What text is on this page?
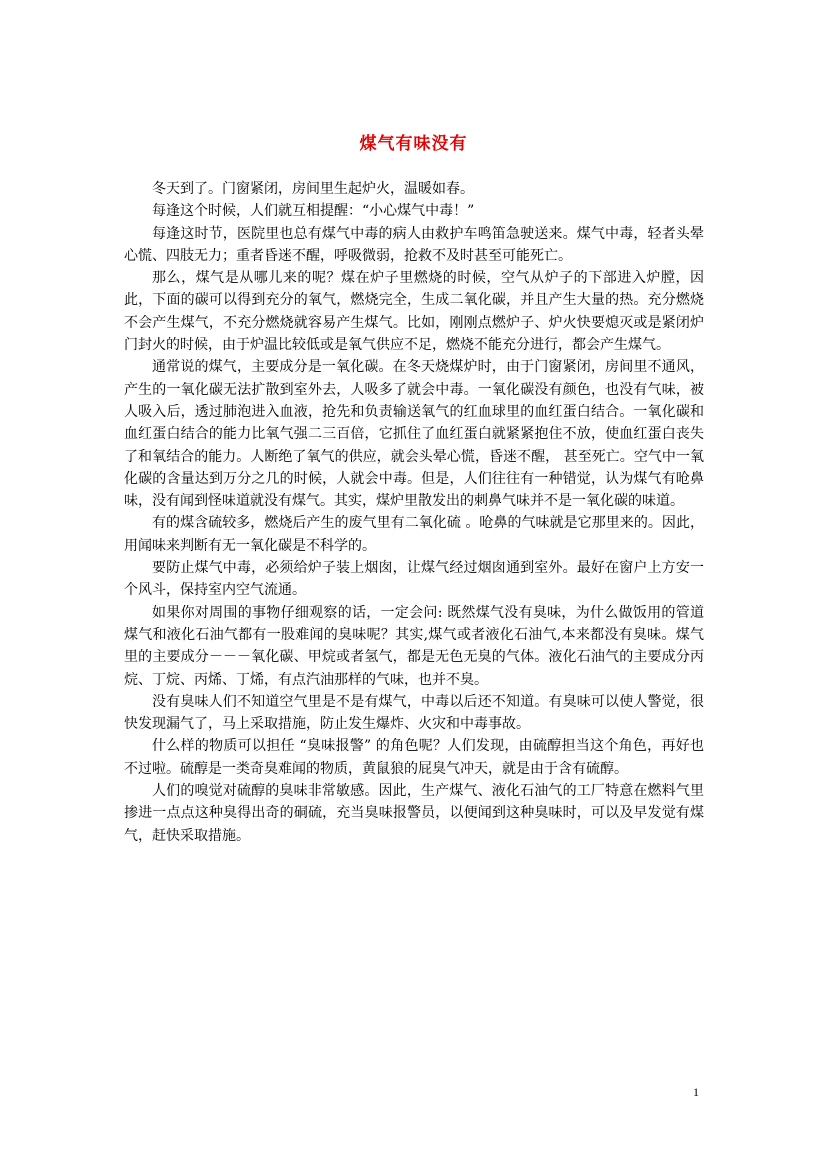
煤气有味没有

冬天到了。门窗紧闭，房间里生起炉火，温暖如春。

每逢这个时候，人们就互相提醒：“小心煤气中毒！”

每逢这时节，医院里也总有煤气中毒的病人由救护车鸣笛急驶送来。煤气中毒，轻者头晕心慌、四肢无力；重者昏迷不醒，呼吸微弱，抢救不及时甚至可能死亡。

那么，煤气是从哪儿来的呢？煤在炉子里燃烧的时候，空气从炉子的下部进入炉膛，因此，下面的碳可以得到充分的氧气，燃烧完全，生成二氧化碳，并且产生大量的热。充分燃烧不会产生煤气，不充分燃烧就容易产生煤气。比如，刚刚点燃炉子、炉火快要熄灭或是紧闭炉门封火的时候，由于炉温比较低或是氧气供应不足，燃烧不能充分进行，都会产生煤气。

通常说的煤气，主要成分是一氧化碳。在冬天烧煤炉时，由于门窗紧闭，房间里不通风，产生的一氧化碳无法扩散到室外去，人吸多了就会中毒。一氧化碳没有颜色，也没有气味，被人吸入后，透过肺泡进入血液，抢先和负责输送氧气的红血球里的血红蛋白结合。一氧化碳和血红蛋白结合的能力比氧气强二三百倍，它抓住了血红蛋白就紧紧抱住不放，使血红蛋白丧失了和氧结合的能力。人断绝了氧气的供应，就会头晕心慌，昏迷不醒， 甚至死亡。空气中一氧化碳的含量达到万分之几的时候，人就会中毒。但是，人们往往有一种错觉，认为煤气有呛鼻味，没有闻到怪味道就没有煤气。其实，煤炉里散发出的刺鼻气味并不是一氧化碳的味道。

有的煤含硫较多，燃烧后产生的废气里有二氧化硫 。呛鼻的气味就是它那里来的。因此，用闻味来判断有无一氧化碳是不科学的。

要防止煤气中毒，必须给炉子装上烟囱，让煤气经过烟囱通到室外。最好在窗户上方安一个风斗，保持室内空气流通。

如果你对周围的事物仔细观察的话，一定会问: 既然煤气没有臭味，为什么做饭用的管道煤气和液化石油气都有一股难闻的臭味呢？其实,煤气或者液化石油气,本来都没有臭味。煤气里的主要成分－－－氧化碳、甲烷或者氢气，都是无色无臭的气体。液化石油气的主要成分丙烷、丁烷、丙烯、丁烯，有点汽油那样的气味，也并不臭。

没有臭味人们不知道空气里是不是有煤气，中毒以后还不知道。有臭味可以使人警觉，很快发现漏气了，马上采取措施，防止发生爆炸、火灾和中毒事故。

什么样的物质可以担任 “臭味报警” 的角色呢？人们发现，由硫醇担当这个角色，再好也不过啦。硫醇是一类奇臭难闻的物质，黄鼠狼的屁臭气冲天，就是由于含有硫醇。

人们的嗅觉对硫醇的臭味非常敏感。因此，生产煤气、液化石油气的工厂特意在燃料气里掺进一点点这种臭得出奇的硐硫，充当臭味报警员，以便闻到这种臭味时，可以及早发觉有煤气，赶快采取措施。

1
